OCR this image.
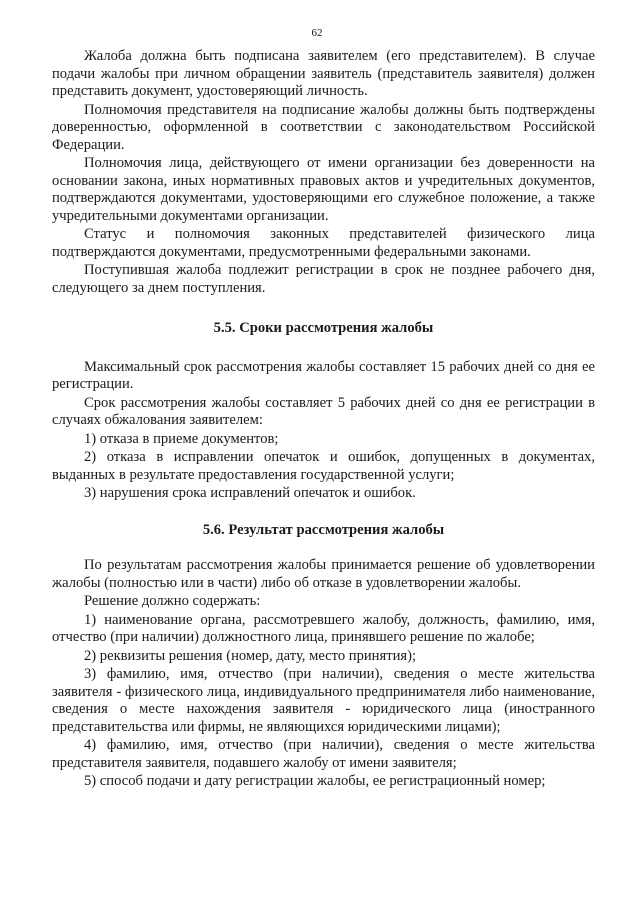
62

Жалоба должна быть подписана заявителем (его представителем). В случае подачи жалобы при личном обращении заявитель (представитель заявителя) должен представить документ, удостоверяющий личность.

Полномочия представителя на подписание жалобы должны быть подтверждены доверенностью, оформленной в соответствии с законодательством Российской Федерации.

Полномочия лица, действующего от имени организации без доверенности на основании закона, иных нормативных правовых актов и учредительных документов, подтверждаются документами, удостоверяющими его служебное положение, а также учредительными документами организации.

Статус и полномочия законных представителей физического лица подтверждаются документами, предусмотренными федеральными законами.

Поступившая жалоба подлежит регистрации в срок не позднее рабочего дня, следующего за днем поступления.

5.5. Сроки рассмотрения жалобы

Максимальный срок рассмотрения жалобы составляет 15 рабочих дней со дня ее регистрации.

Срок рассмотрения жалобы составляет 5 рабочих дней со дня ее регистрации в случаях обжалования заявителем:

1) отказа в приеме документов;

2) отказа в исправлении опечаток и ошибок, допущенных в документах, выданных в результате предоставления государственной услуги;

3) нарушения срока исправлений опечаток и ошибок.

5.6. Результат рассмотрения жалобы

По результатам рассмотрения жалобы принимается решение об удовлетворении жалобы (полностью или в части) либо об отказе в удовлетворении жалобы.

Решение должно содержать:

1) наименование органа, рассмотревшего жалобу, должность, фамилию, имя, отчество (при наличии) должностного лица, принявшего решение по жалобе;

2) реквизиты решения (номер, дату, место принятия);

3) фамилию, имя, отчество (при наличии), сведения о месте жительства заявителя - физического лица, индивидуального предпринимателя либо наименование, сведения о месте нахождения заявителя - юридического лица (иностранного представительства или фирмы, не являющихся юридическими лицами);

4) фамилию, имя, отчество (при наличии), сведения о месте жительства представителя заявителя, подавшего жалобу от имени заявителя;

5) способ подачи и дату регистрации жалобы, ее регистрационный номер;
